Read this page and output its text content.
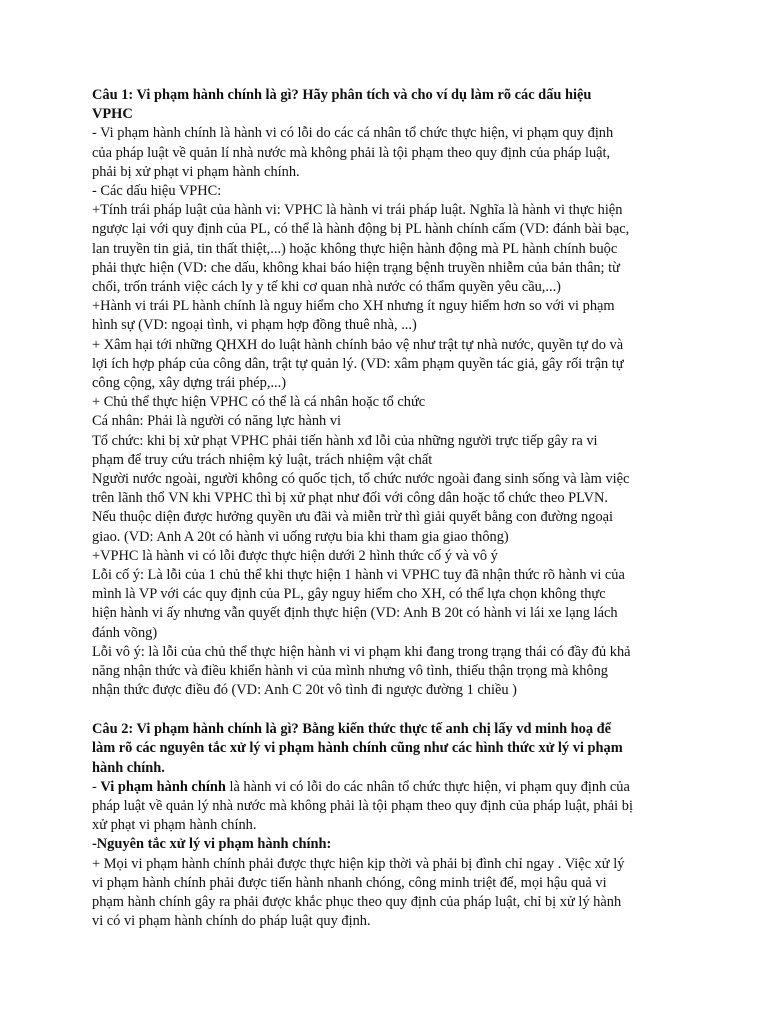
Câu 1: Vi phạm hành chính là gì? Hãy phân tích và cho ví dụ làm rõ các dấu hiệu
VPHC
- Vi phạm hành chính là hành vi có lỗi do các cá nhân tổ chức thực hiện, vi phạm quy định
của pháp luật về quản lí nhà nước mà không phải là tội phạm theo quy định của pháp luật,
phải bị xử phạt vi phạm hành chính.
- Các dấu hiệu VPHC:
+Tính trái pháp luật của hành vi: VPHC là hành vi trái pháp luật. Nghĩa là hành vi thực hiện
ngược lại với quy định của PL, có thể là hành động bị PL hành chính cấm (VD: đánh bài bạc,
lan truyền tin giả, tin thất thiệt,...) hoặc không thực hiện hành động mà PL hành chính buộc
phải thực hiện (VD: che dấu, không khai báo hiện trạng bệnh truyền nhiễm của bản thân; từ
chối, trốn tránh việc cách ly y tế khi cơ quan nhà nước có thẩm quyền yêu cầu,...)
+Hành vi trái PL hành chính là nguy hiểm cho XH nhưng ít nguy hiểm hơn so với vi phạm
hình sự (VD: ngoại tình, vi phạm hợp đồng thuê nhà, ...)
+ Xâm hại tới những QHXH do luật hành chính bảo vệ như trật tự nhà nước, quyền tự do và
lợi ích hợp pháp của công dân, trật tự quản lý. (VD: xâm phạm quyền tác giả, gây rối trận tự
công cộng, xây dựng trái phép,...)
+ Chủ thể thực hiện VPHC có thể là cá nhân hoặc tổ chức
Cá nhân: Phải là người có năng lực hành vi
Tổ chức: khi bị xử phạt VPHC phải tiến hành xđ lỗi của những người trực tiếp gây ra vi
phạm để truy cứu trách nhiệm kỷ luật, trách nhiệm vật chất
Người nước ngoài, người không có quốc tịch, tổ chức nước ngoài đang sinh sống và làm việc
trên lãnh thổ VN khi VPHC thì bị xử phạt như đối với công dân hoặc tổ chức theo PLVN.
Nếu thuộc diện được hưởng quyền ưu đãi và miễn trừ thì giải quyết bằng con đường ngoại
giao. (VD: Anh A 20t có hành vi uống rượu bia khi tham gia giao thông)
+VPHC là hành vi có lỗi được thực hiện dưới 2 hình thức cố ý và vô ý
Lỗi cố ý: Là lỗi của 1 chủ thể khi thực hiện 1 hành vi VPHC tuy đã nhận thức rõ hành vi của
mình là VP với các quy định của PL, gây nguy hiểm cho XH, có thể lựa chọn không thực
hiện hành vi ấy nhưng vẫn quyết định thực hiện (VD: Anh B 20t có hành vi lái xe lạng lách
đánh võng)
Lỗi vô ý: là lỗi của chủ thể thực hiện hành vi vi phạm khi đang trong trạng thái có đầy đủ khả
năng nhận thức và điều khiển hành vi của mình nhưng vô tình, thiếu thận trọng mà không
nhận thức được điều đó (VD: Anh C 20t vô tình đi ngược đường 1 chiều )
Câu 2: Vi phạm hành chính là gì? Bằng kiến thức thực tế anh chị lấy vd minh hoạ để
làm rõ các nguyên tắc xử lý vi phạm hành chính cũng như các hình thức xử lý vi phạm
hành chính.
- Vi phạm hành chính là hành vi có lỗi do các nhân tổ chức thực hiện, vi phạm quy định của
pháp luật về quản lý nhà nước mà không phải là tội phạm theo quy định của pháp luật, phải bị
xử phạt vi phạm hành chính.
-Nguyên tắc xử lý vi phạm hành chính:
+ Mọi vi phạm hành chính phải được thực hiện kịp thời và phải bị đình chỉ ngay . Việc xử lý
vi phạm hành chính phải được tiến hành nhanh chóng, công minh triệt để, mọi hậu quả vi
phạm hành chính gây ra phải được khắc phục theo quy định của pháp luật, chỉ bị xử lý hành
vi có vi phạm hành chính do pháp luật quy định.
